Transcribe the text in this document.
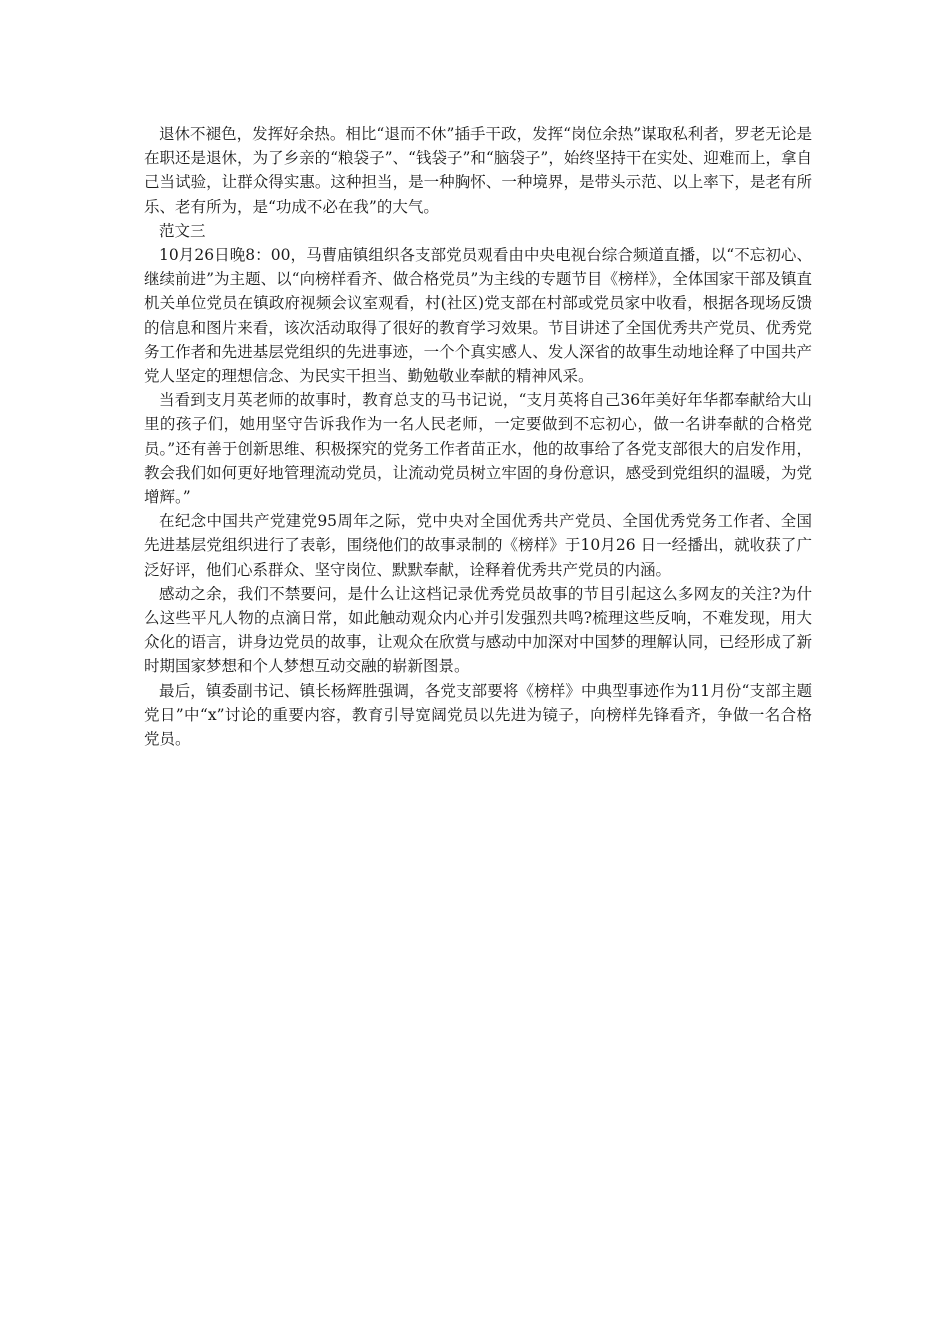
退休不褪色，发挥好余热。相比“退而不休”插手干政，发挥“岗位余热”谋取私利者，罗老无论是在职还是退休，为了乡亲的“粮袋子”、“钱袋子”和“脑袋子”，始终坚持干在实处、迎难而上，拿自己当试验，让群众得实惠。这种担当，是一种胸怀、一种境界，是带头示范、以上率下，是老有所乐、老有所为，是“功成不必在我”的大气。

范文三

10月26日晚8：00，马曹庙镇组织各支部党员观看由中央电视台综合频道直播，以“不忘初心、继续前进”为主题、以“向榜样看齐、做合格党员”为主线的专题节目《榜样》，全体国家干部及镇直机关单位党员在镇政府视频会议室观看，村(社区)党支部在村部或党员家中收看，根据各现场反馈的信息和图片来看，该次活动取得了很好的教育学习效果。节目讲述了全国优秀共产党员、优秀党务工作者和先进基层党组织的先进事迹，一个个真实感人、发人深省的故事生动地诠释了中国共产党人坚定的理想信念、为民实干担当、勤勉敬业奉献的精神风采。

当看到支月英老师的故事时，教育总支的马书记说，“支月英将自己36年美好年华都奉献给大山里的孩子们，她用坚守告诉我作为一名人民老师，一定要做到不忘初心，做一名讲奉献的合格党员。”还有善于创新思维、积极探究的党务工作者苗正水，他的故事给了各党支部很大的启发作用，教会我们如何更好地管理流动党员，让流动党员树立牢固的身份意识，感受到党组织的温暖，为党增辉。”

在纪念中国共产党建党95周年之际，党中央对全国优秀共产党员、全国优秀党务工作者、全国先进基层党组织进行了表彰，围绕他们的故事录制的《榜样》于10月26 日一经播出，就收获了广泛好评，他们心系群众、坚守岗位、默默奉献，诠释着优秀共产党员的内涵。

感动之余，我们不禁要问，是什么让这档记录优秀党员故事的节目引起这么多网友的关注?为什么这些平凡人物的点滴日常，如此触动观众内心并引发强烈共鸣?梳理这些反响，不难发现，用大众化的语言，讲身边党员的故事，让观众在欣赏与感动中加深对中国梦的理解认同，已经形成了新时期国家梦想和个人梦想互动交融的崭新图景。

最后，镇委副书记、镇长杨辉胜强调，各党支部要将《榜样》中典型事迹作为11月份“支部主题党日”中“x”讨论的重要内容，教育引导宽阔党员以先进为镜子，向榜样先锋看齐，争做一名合格党员。
